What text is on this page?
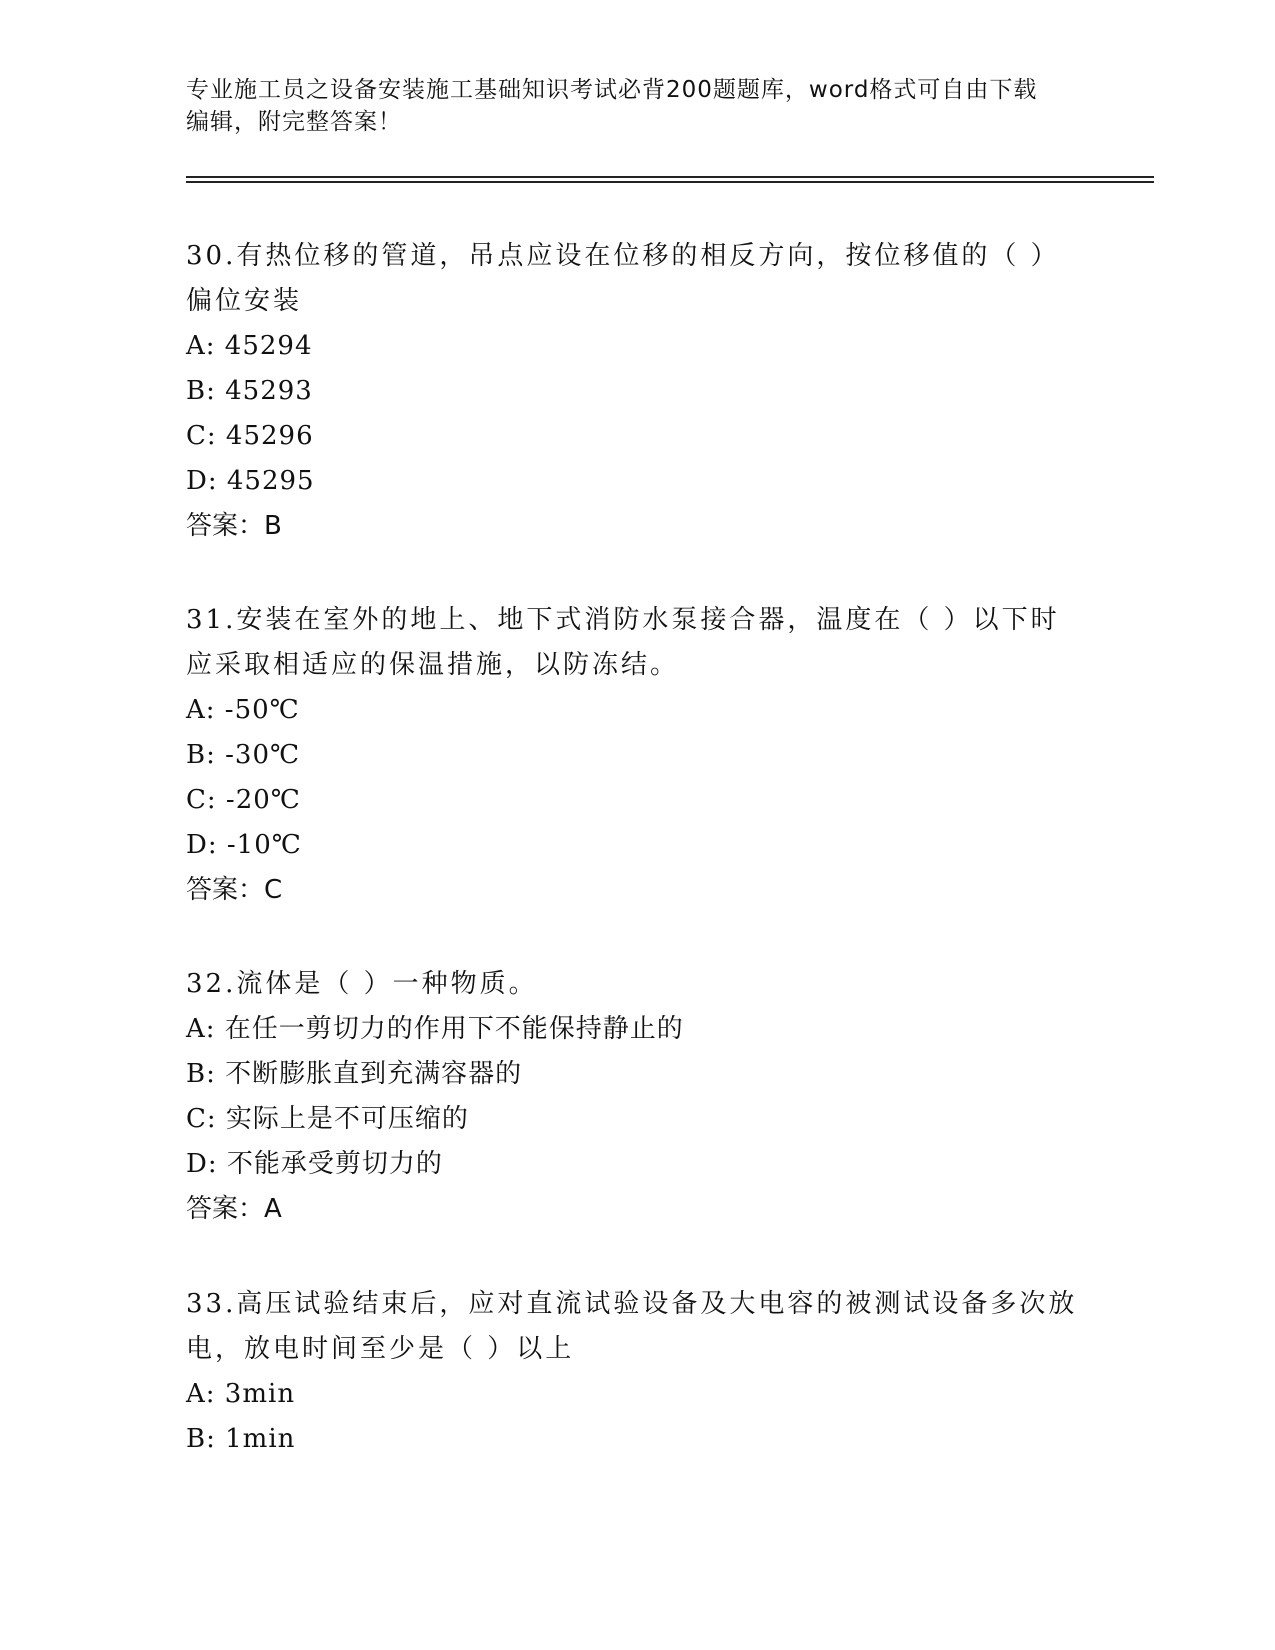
专业施工员之设备安装施工基础知识考试必背200题题库，word格式可自由下载
编辑，附完整答案！

30.有热位移的管道，吊点应设在位移的相反方向，按位移值的（ ）

偏位安装

A: 45294

B: 45293

C: 45296

D: 45295

答案：B

31.安装在室外的地上、地下式消防水泵接合器，温度在（ ）以下时

应采取相适应的保温措施，以防冻结。

A: -50℃

B: -30℃

C: -20℃

D: -10℃

答案：C

32.流体是（ ）一种物质。

A: 在任一剪切力的作用下不能保持静止的

B: 不断膨胀直到充满容器的

C: 实际上是不可压缩的

D: 不能承受剪切力的

答案：A

33.高压试验结束后，应对直流试验设备及大电容的被测试设备多次放

电，放电时间至少是（ ）以上

A: 3min

B: 1min
